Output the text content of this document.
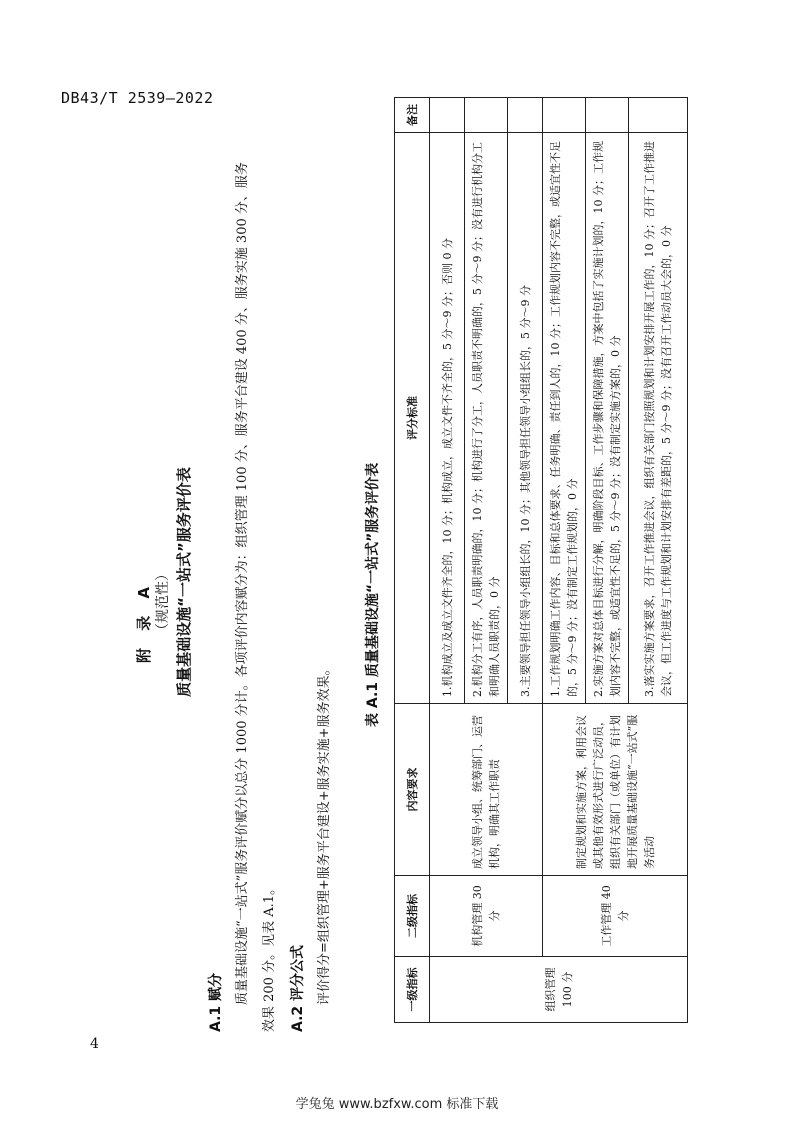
DB43/T 2539—2022
4
学兔兔 www.bzfxw.com 标准下载
附 录 A （规范性） 质量基础设施“一站式”服务评价表
A.1 赋分 质量基础设施“一站式”服务评价赋分以总分 1000 分计。各项评价内容赋分为：组织管理 100 分、服务平台建设 400 分、服务实施 300 分、服务 效果 200 分。见表 A.1。 A.2 评分公式 评价得分=组织管理+服务平台建设+服务实施+服务效果。
表 A.1 质量基础设施“一站式”服务评价表
一级指标	二级指标	内容要求	评分标准	备注
组织管理 100 分	机构管理 30 分	成立领导小组、统筹部门、运营机构，明确其工作职责	1.机构成立及成立文件齐全的，10 分；机构成立，成立文件不齐全的，5 分～9 分；否则 0 分	
			2.机构分工有序，人员职责明确的，10 分；机构进行了分工，人员职责不明确的，5 分～9 分；没有进行机构分工和明确人员职责的，0 分	
			3.主要领导担任领导小组组长的，10 分；其他领导担任领导小组组长的，5 分～9 分	
	工作管理 40 分	制定规划和实施方案，利用会议或其他有效形式进行广泛动员，组织有关部门（或单位）有计划地开展质量基础设施“一站式”服务活动	1.工作规划明确工作内容、目标和总体要求、任务明确、责任到人的，10 分；工作规划内容不完整，或适宜性不足的，5 分～9 分；没有制定工作规划的，0 分	
			2.实施方案对总体目标进行分解，明确阶段目标、工作步骤和保障措施，方案中包括了实施计划的，10 分；工作规划内容不完整，或适宜性不足的，5 分～9 分；没有制定实施方案的，0 分	
			3.落实实施方案要求，召开工作推进会议，组织有关部门按照规划和计划安排开展工作的，10 分；召开了工作推进会议，但工作进度与工作规划和计划安排有差距的，5 分～9 分；没有召开工作动员大会的，0 分	
